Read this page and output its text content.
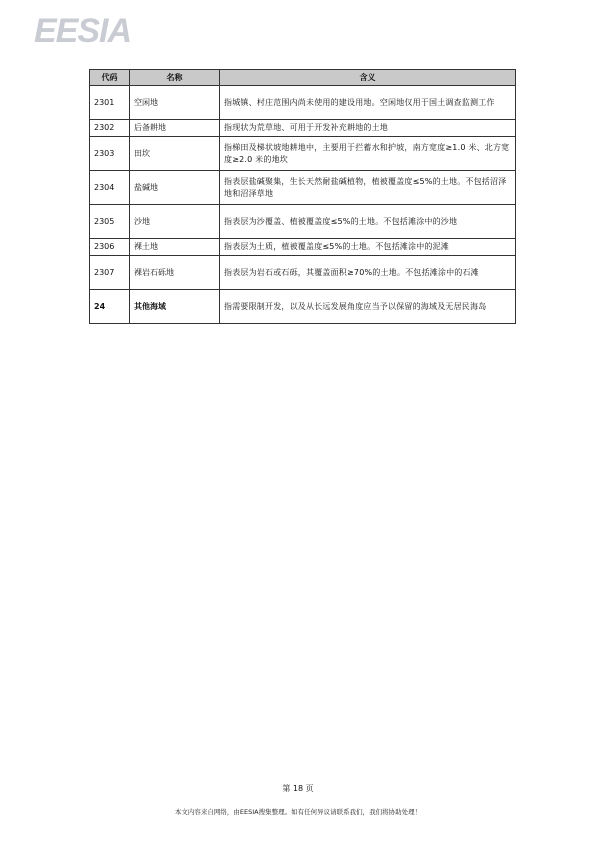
EESIA
代码	名称	含义
2301	空闲地	指城镇、村庄范围内尚未使用的建设用地。空闲地仅用于国土调查监测工作
2302	后备耕地	指现状为荒草地、可用于开发补充耕地的土地
2303	田坎	指梯田及梯状坡地耕地中，主要用于拦蓄水和护坡，南方宽度≥1.0 米、北方宽度≥2.0 米的地坎
2304	盐碱地	指表层盐碱聚集，生长天然耐盐碱植物，植被覆盖度≤5%的土地。不包括沼泽地和沼泽草地
2305	沙地	指表层为沙覆盖、植被覆盖度≤5%的土地。不包括滩涂中的沙地
2306	裸土地	指表层为土质，植被覆盖度≤5%的土地。不包括滩涂中的泥滩
2307	裸岩石砾地	指表层为岩石或石砾，其覆盖面积≥70%的土地。不包括滩涂中的石滩
24	其他海域	指需要限制开发，以及从长远发展角度应当予以保留的海域及无居民海岛
第 18 页
本文内容来自网络，由EESIA搜集整理。如有任何异议请联系我们，我们将协助处理！
